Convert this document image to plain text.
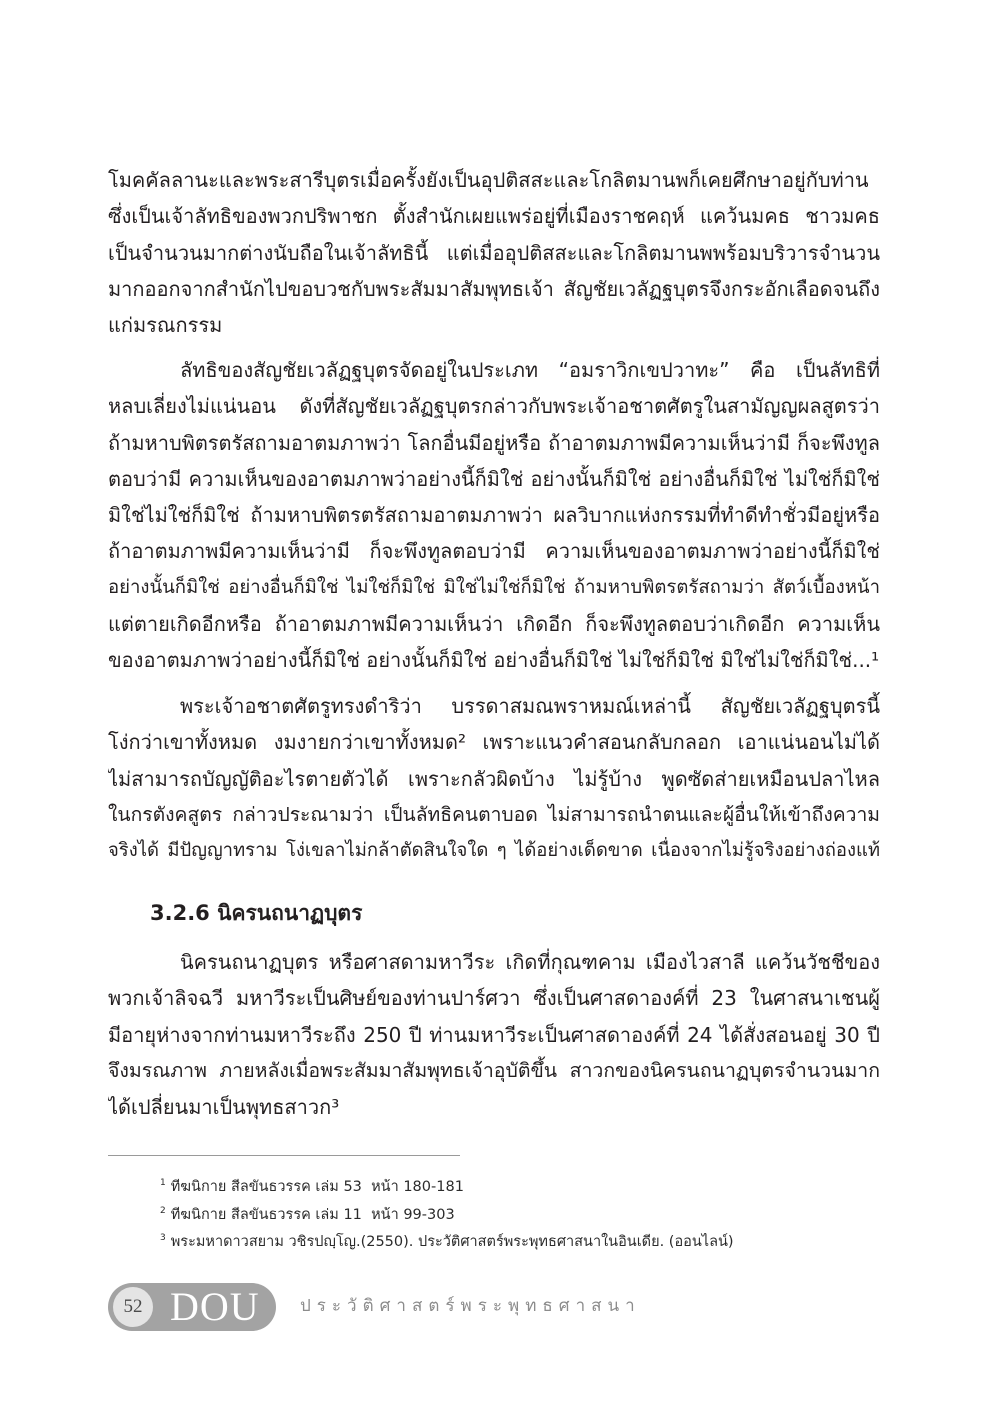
โมคคัลลานะและพระสารีบุตรเมื่อครั้งยังเป็นอุปติสสะและโกลิตมานพก็เคยศึกษาอยู่กับท่าน
ซึ่งเป็นเจ้าลัทธิของพวกปริพาชก ตั้งสำนักเผยแพร่อยู่ที่เมืองราชคฤห์ แคว้นมคธ ชาวมคธ
เป็นจำนวนมากต่างนับถือในเจ้าลัทธินี้ แต่เมื่ออุปติสสะและโกลิตมานพพร้อมบริวารจำนวน
มากออกจากสำนักไปขอบวชกับพระสัมมาสัมพุทธเจ้า สัญชัยเวลัฏฐบุตรจึงกระอักเลือดจนถึง
แก่มรณกรรม
ลัทธิของสัญชัยเวลัฏฐบุตรจัดอยู่ในประเภท “อมราวิกเขปวาทะ” คือ เป็นลัทธิที่
หลบเลี่ยงไม่แน่นอน ดังที่สัญชัยเวลัฏฐบุตรกล่าวกับพระเจ้าอชาตศัตรูในสามัญญผลสูตรว่า
ถ้ามหาบพิตรตรัสถามอาตมภาพว่า โลกอื่นมีอยู่หรือ ถ้าอาตมภาพมีความเห็นว่ามี ก็จะพึงทูล
ตอบว่ามี ความเห็นของอาตมภาพว่าอย่างนี้ก็มิใช่ อย่างนั้นก็มิใช่ อย่างอื่นก็มิใช่ ไม่ใช่ก็มิใช่
มิใช่ไม่ใช่ก็มิใช่ ถ้ามหาบพิตรตรัสถามอาตมภาพว่า ผลวิบากแห่งกรรมที่ทำดีทำชั่วมีอยู่หรือ
ถ้าอาตมภาพมีความเห็นว่ามี ก็จะพึงทูลตอบว่ามี ความเห็นของอาตมภาพว่าอย่างนี้ก็มิใช่
อย่างนั้นก็มิใช่ อย่างอื่นก็มิใช่ ไม่ใช่ก็มิใช่ มิใช่ไม่ใช่ก็มิใช่ ถ้ามหาบพิตรตรัสถามว่า สัตว์เบื้องหน้า
แต่ตายเกิดอีกหรือ ถ้าอาตมภาพมีความเห็นว่า เกิดอีก ก็จะพึงทูลตอบว่าเกิดอีก ความเห็น
ของอาตมภาพว่าอย่างนี้ก็มิใช่ อย่างนั้นก็มิใช่ อย่างอื่นก็มิใช่ ไม่ใช่ก็มิใช่ มิใช่ไม่ใช่ก็มิใช่...¹
พระเจ้าอชาตศัตรูทรงดำริว่า บรรดาสมณพราหมณ์เหล่านี้ สัญชัยเวลัฏฐบุตรนี้
โง่กว่าเขาทั้งหมด งมงายกว่าเขาทั้งหมด² เพราะแนวคำสอนกลับกลอก เอาแน่นอนไม่ได้
ไม่สามารถบัญญัติอะไรตายตัวได้ เพราะกลัวผิดบ้าง ไม่รู้บ้าง พูดซัดส่ายเหมือนปลาไหล
ในกรตังคสูตร กล่าวประณามว่า เป็นลัทธิคนตาบอด ไม่สามารถนำตนและผู้อื่นให้เข้าถึงความ
จริงได้ มีปัญญาทราม โง่เขลาไม่กล้าตัดสินใจใด ๆ ได้อย่างเด็ดขาด เนื่องจากไม่รู้จริงอย่างถ่องแท้
3.2.6 นิครนถนาฏบุตร
นิครนถนาฏบุตร หรือศาสดามหาวีระ เกิดที่กุณฑคาม เมืองไวสาลี แคว้นวัชชีของ
พวกเจ้าลิจฉวี มหาวีระเป็นศิษย์ของท่านปาร์ศวา ซึ่งเป็นศาสดาองค์ที่ 23 ในศาสนาเชนผู้
มีอายุห่างจากท่านมหาวีระถึง 250 ปี ท่านมหาวีระเป็นศาสดาองค์ที่ 24 ได้สั่งสอนอยู่ 30 ปี
จึงมรณภาพ ภายหลังเมื่อพระสัมมาสัมพุทธเจ้าอุบัติขึ้น สาวกของนิครนถนาฏบุตรจำนวนมาก
ได้เปลี่ยนมาเป็นพุทธสาวก³
$^1$ ทีฆนิกาย สีลขันธวรรค เล่ม 53  หน้า 180-181
$^2$ ทีฆนิกาย สีลขันธวรรค เล่ม 11  หน้า 99-303
$^3$ พระมหาดาวสยาม วชิรปญฺโญ.(2550). ประวัติศาสตร์พระพุทธศาสนาในอินเดีย. (ออนไลน์)
52 DOU ประวัติศาสตร์พระพุทธศาสนา
